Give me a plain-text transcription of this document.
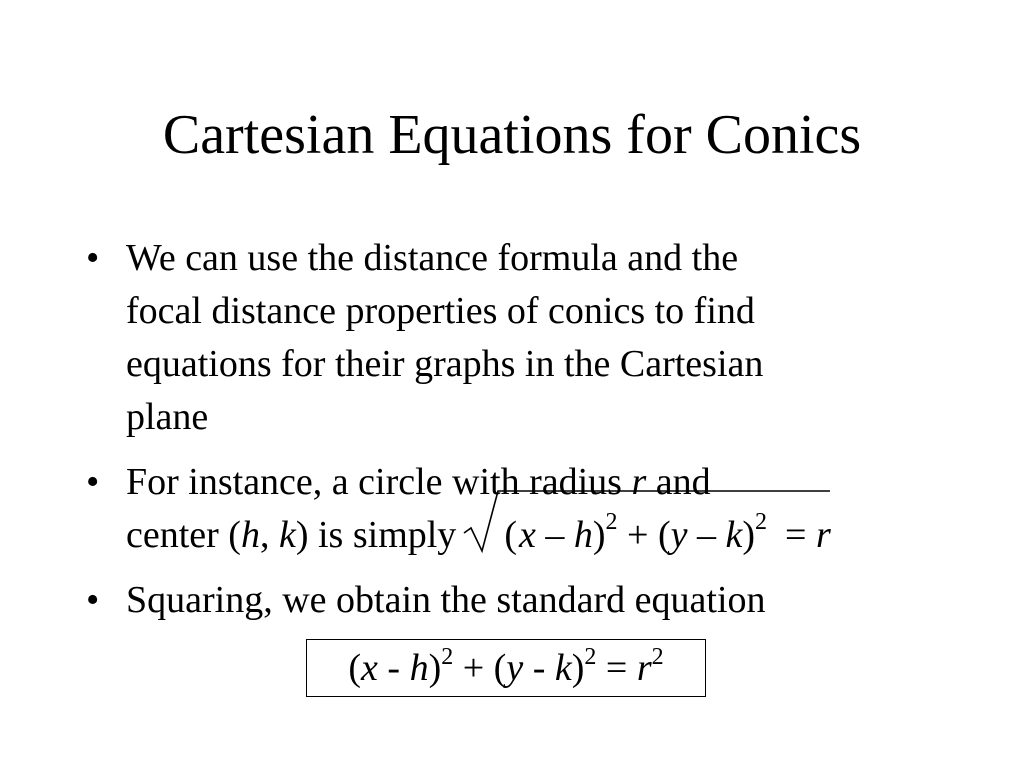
Cartesian Equations for Conics
• We can use the distance formula and the
focal distance properties of conics to find
equations for their graphs in the Cartesian
plane
• For instance, a circle with radius r and
center (h, k) is simply (x – h)$^2$ + (y – k)$^2$ = r
• Squaring, we obtain the standard equation
$(x - h)^2 + (y - k)^2 = r^2$
